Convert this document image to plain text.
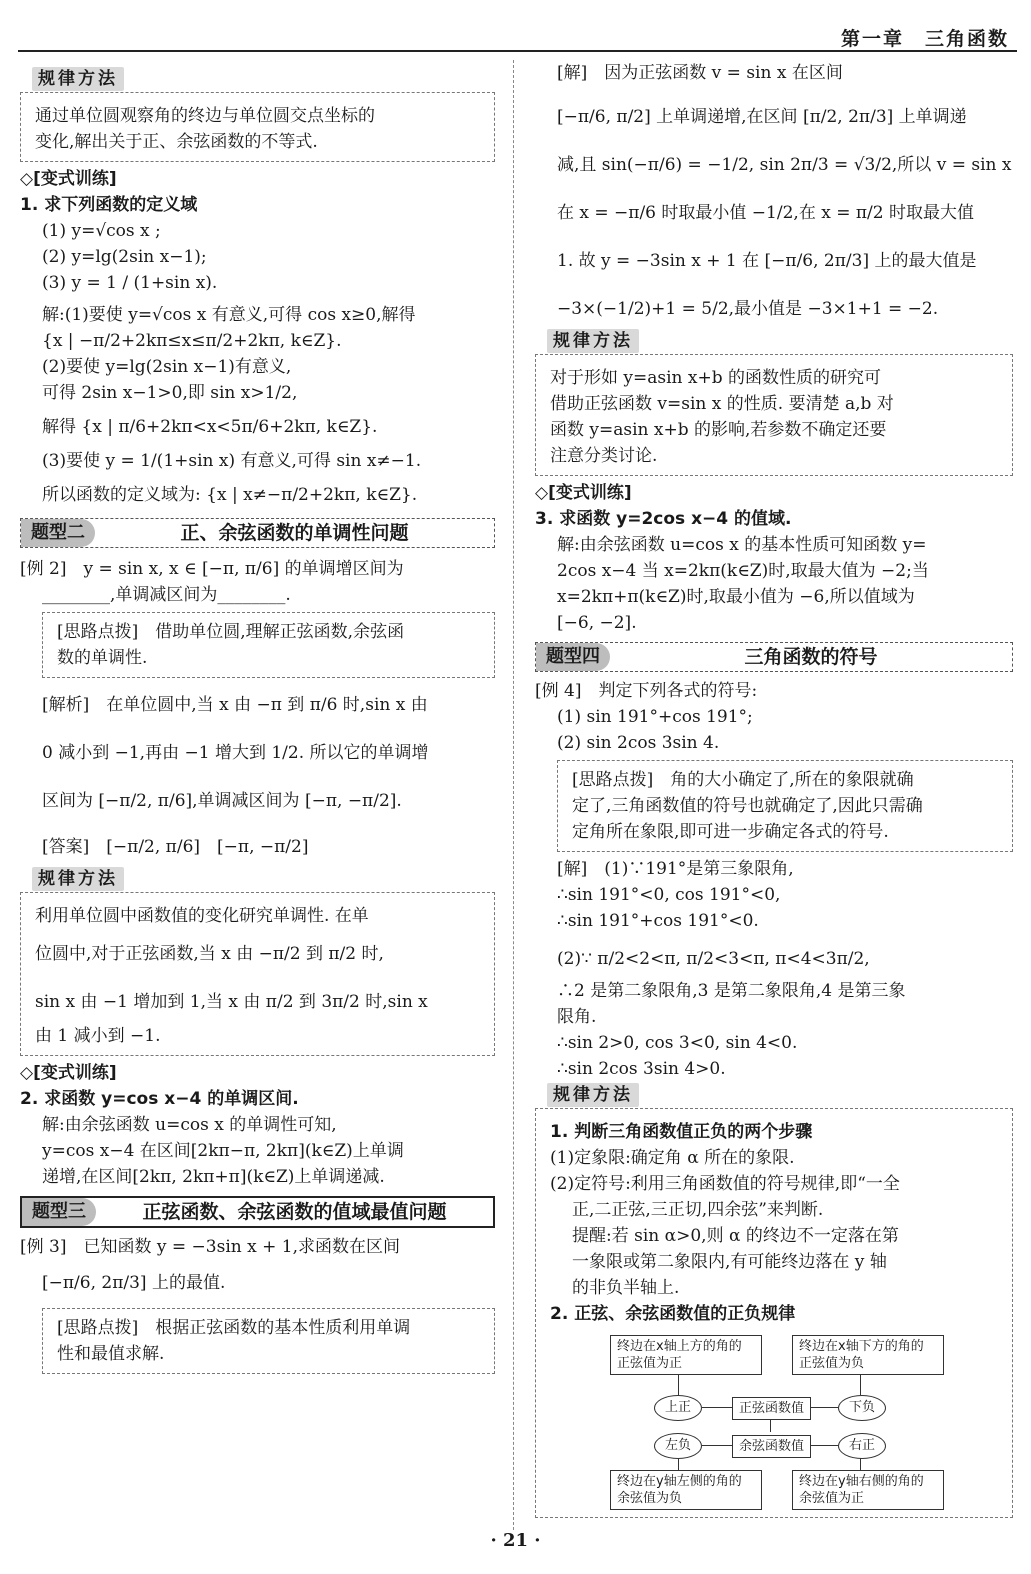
第一章　三角函数
规律方法

通过单位圆观察角的终边与单位圆交点坐标的

变化,解出关于正、余弦函数的不等式.

◇[变式训练]
1. 求下列函数的定义域
(1) y=√cos x ;
(2) y=lg(2sin x−1);
(3) y = 1 / (1+sin x).
解:(1)要使 y=√cos x 有意义,可得 cos x≥0,解得
{x | −π/2+2kπ≤x≤π/2+2kπ, k∈Z}.
(2)要使 y=lg(2sin x−1)有意义,
可得 2sin x−1>0,即 sin x>1/2,
解得 {x | π/6+2kπ<x<5π/6+2kπ, k∈Z}.
(3)要使 y = 1/(1+sin x) 有意义,可得 sin x≠−1.
所以函数的定义域为: {x | x≠−π/2+2kπ, k∈Z}.
题型二	正、余弦函数的单调性问题
[例 2]　y = sin x, x ∈ [−π, π/6] 的单调增区间为
________,单调减区间为________.

[思路点拨]　借助单位圆,理解正弦函数,余弦函

数的单调性.

[解析]　在单位圆中,当 x 由 −π 到 π/6 时,sin x 由
0 减小到 −1,再由 −1 增大到 1/2. 所以它的单调增
区间为 [−π/2, π/6],单调减区间为 [−π, −π/2].
[答案]　[−π/2, π/6]　[−π, −π/2]
规律方法

利用单位圆中函数值的变化研究单调性. 在单

位圆中,对于正弦函数,当 x 由 −π/2 到 π/2 时,

sin x 由 −1 增加到 1,当 x 由 π/2 到 3π/2 时,sin x

由 1 减小到 −1.

◇[变式训练]
2. 求函数 y=cos x−4 的单调区间.
解:由余弦函数 u=cos x 的单调性可知,
y=cos x−4 在区间[2kπ−π, 2kπ](k∈Z)上单调
递增,在区间[2kπ, 2kπ+π](k∈Z)上单调递减.
题型三	正弦函数、余弦函数的值域最值问题
[例 3]　已知函数 y = −3sin x + 1,求函数在区间
[−π/6, 2π/3] 上的最值.

[思路点拨]　根据正弦函数的基本性质利用单调

性和最值求解.

[解]　因为正弦函数 v = sin x 在区间
[−π/6, π/2] 上单调递增,在区间 [π/2, 2π/3] 上单调递
减,且 sin(−π/6) = −1/2, sin 2π/3 = √3/2,所以 v = sin x
在 x = −π/6 时取最小值 −1/2,在 x = π/2 时取最大值
1. 故 y = −3sin x + 1 在 [−π/6, 2π/3] 上的最大值是
−3×(−1/2)+1 = 5/2,最小值是 −3×1+1 = −2.
规律方法

对于形如 y=asin x+b 的函数性质的研究可

借助正弦函数 v=sin x 的性质. 要清楚 a,b 对

函数 y=asin x+b 的影响,若参数不确定还要

注意分类讨论.

◇[变式训练]
3. 求函数 y=2cos x−4 的值域.
解:由余弦函数 u=cos x 的基本性质可知函数 y=
2cos x−4 当 x=2kπ(k∈Z)时,取最大值为 −2;当
x=2kπ+π(k∈Z)时,取最小值为 −6,所以值域为
[−6, −2].
题型四	三角函数的符号
[例 4]　判定下列各式的符号:
(1) sin 191°+cos 191°;
(2) sin 2cos 3sin 4.

[思路点拨]　角的大小确定了,所在的象限就确

定了,三角函数值的符号也就确定了,因此只需确

定角所在象限,即可进一步确定各式的符号.

[解]　(1)∵191°是第三象限角,
∴sin 191°<0, cos 191°<0,
∴sin 191°+cos 191°<0.
(2)∵ π/2<2<π, π/2<3<π, π<4<3π/2,
∴2 是第二象限角,3 是第二象限角,4 是第三象
限角.
∴sin 2>0, cos 3<0, sin 4<0.
∴sin 2cos 3sin 4>0.
规律方法
1. 判断三角函数值正负的两个步骤
(1)定象限:确定角 α 所在的象限.
(2)定符号:利用三角函数值的符号规律,即“一全
正,二正弦,三正切,四余弦”来判断.
提醒:若 sin α>0,则 α 的终边不一定落在第
一象限或第二象限内,有可能终边落在 y 轴
的非负半轴上.
2. 正弦、余弦函数值的正负规律
终边在x轴上方的角的
正弦值为正
终边在x轴下方的角的
正弦值为负
上正	下负
正弦函数值
左负	右正
余弦函数值
终边在y轴左侧的角的
余弦值为负
终边在y轴右侧的角的
余弦值为正
· 21 ·
